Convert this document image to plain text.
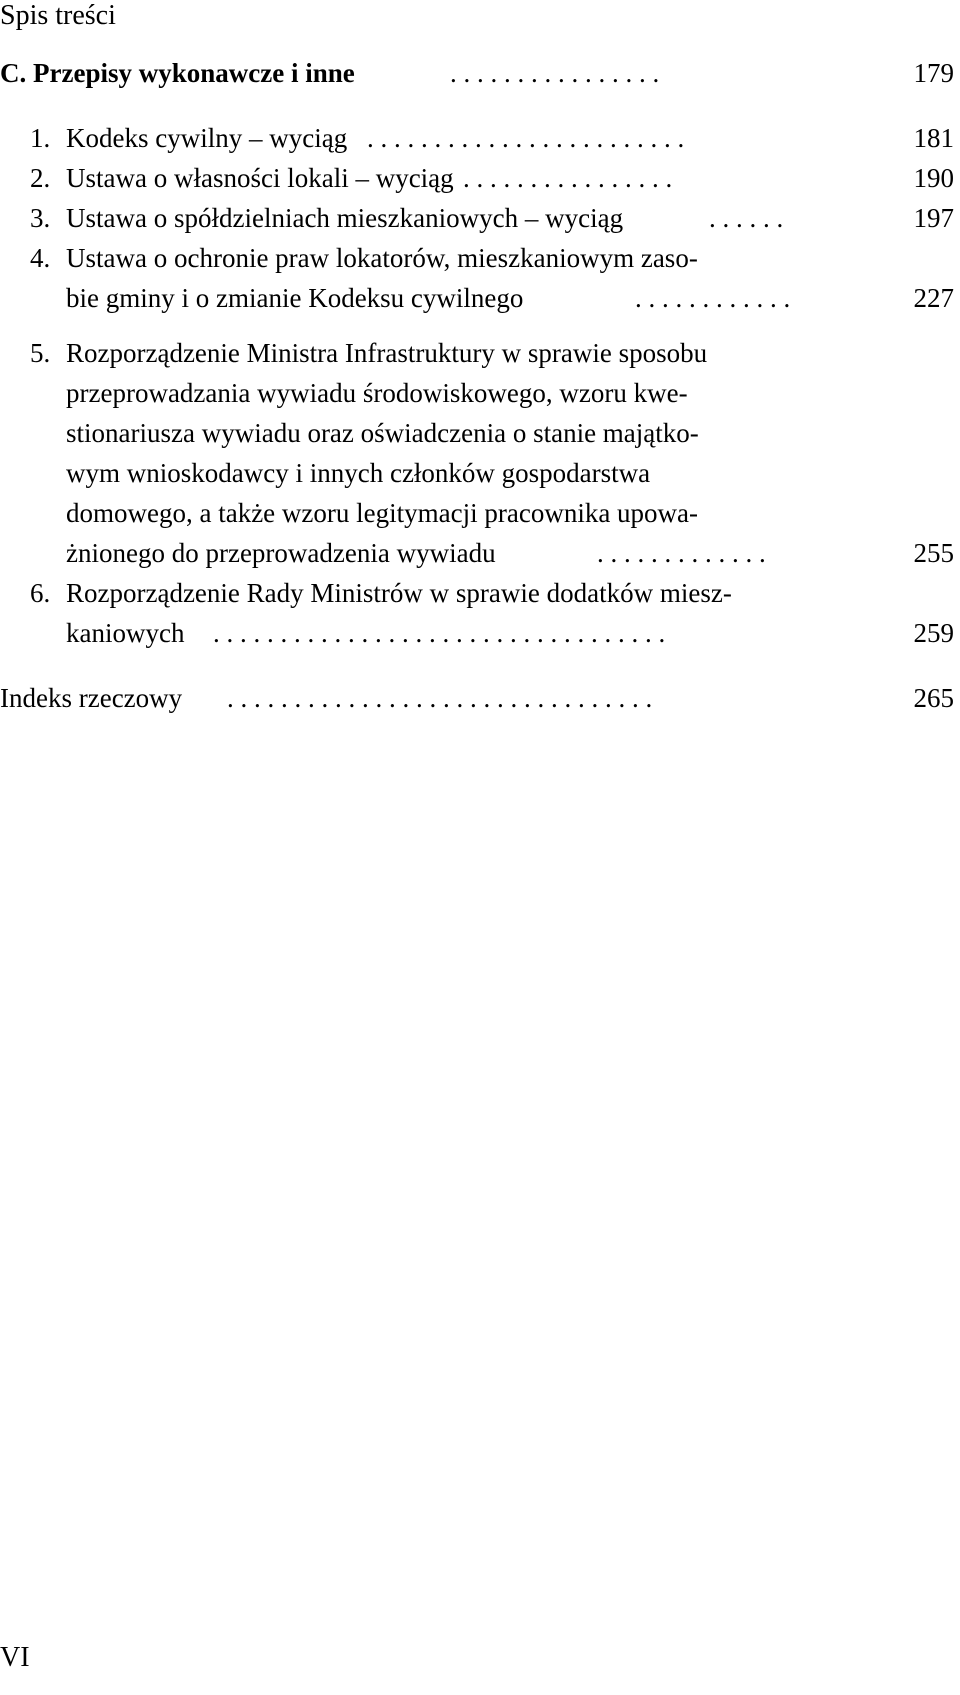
Spis treści
C. Przepisy wykonawcze i inne	. . . . . . . . . . . . . . . .	179
1. Kodeks cywilny – wyciąg . . . . . . . . . . . . . . . . . . . . . . . .	181
2. Ustawa o własności lokali – wyciąg . . . . . . . . . . . . . . . .	190
3. Ustawa o spółdzielniach mieszkaniowych – wyciąg	. . . . . .	197
4. Ustawa o ochronie praw lokatorów, mieszkaniowym zaso-
bie gminy i o zmianie Kodeksu cywilnego	. . . . . . . . . . . .	227
5. Rozporządzenie Ministra Infrastruktury w sprawie sposobu
przeprowadzania wywiadu środowiskowego, wzoru kwe-
stionariusza wywiadu oraz oświadczenia o stanie majątko-
wym wnioskodawcy i innych członków gospodarstwa
domowego, a także wzoru legitymacji pracownika upowa-
żnionego do przeprowadzenia wywiadu	. . . . . . . . . . . . .	255
6. Rozporządzenie Rady Ministrów w sprawie dodatków miesz-
kaniowych . . . . . . . . . . . . . . . . . . . . . . . . . . . . . . . . . .	259
Indeks rzeczowy . . . . . . . . . . . . . . . . . . . . . . . . . . . . . . . .	265
VI
